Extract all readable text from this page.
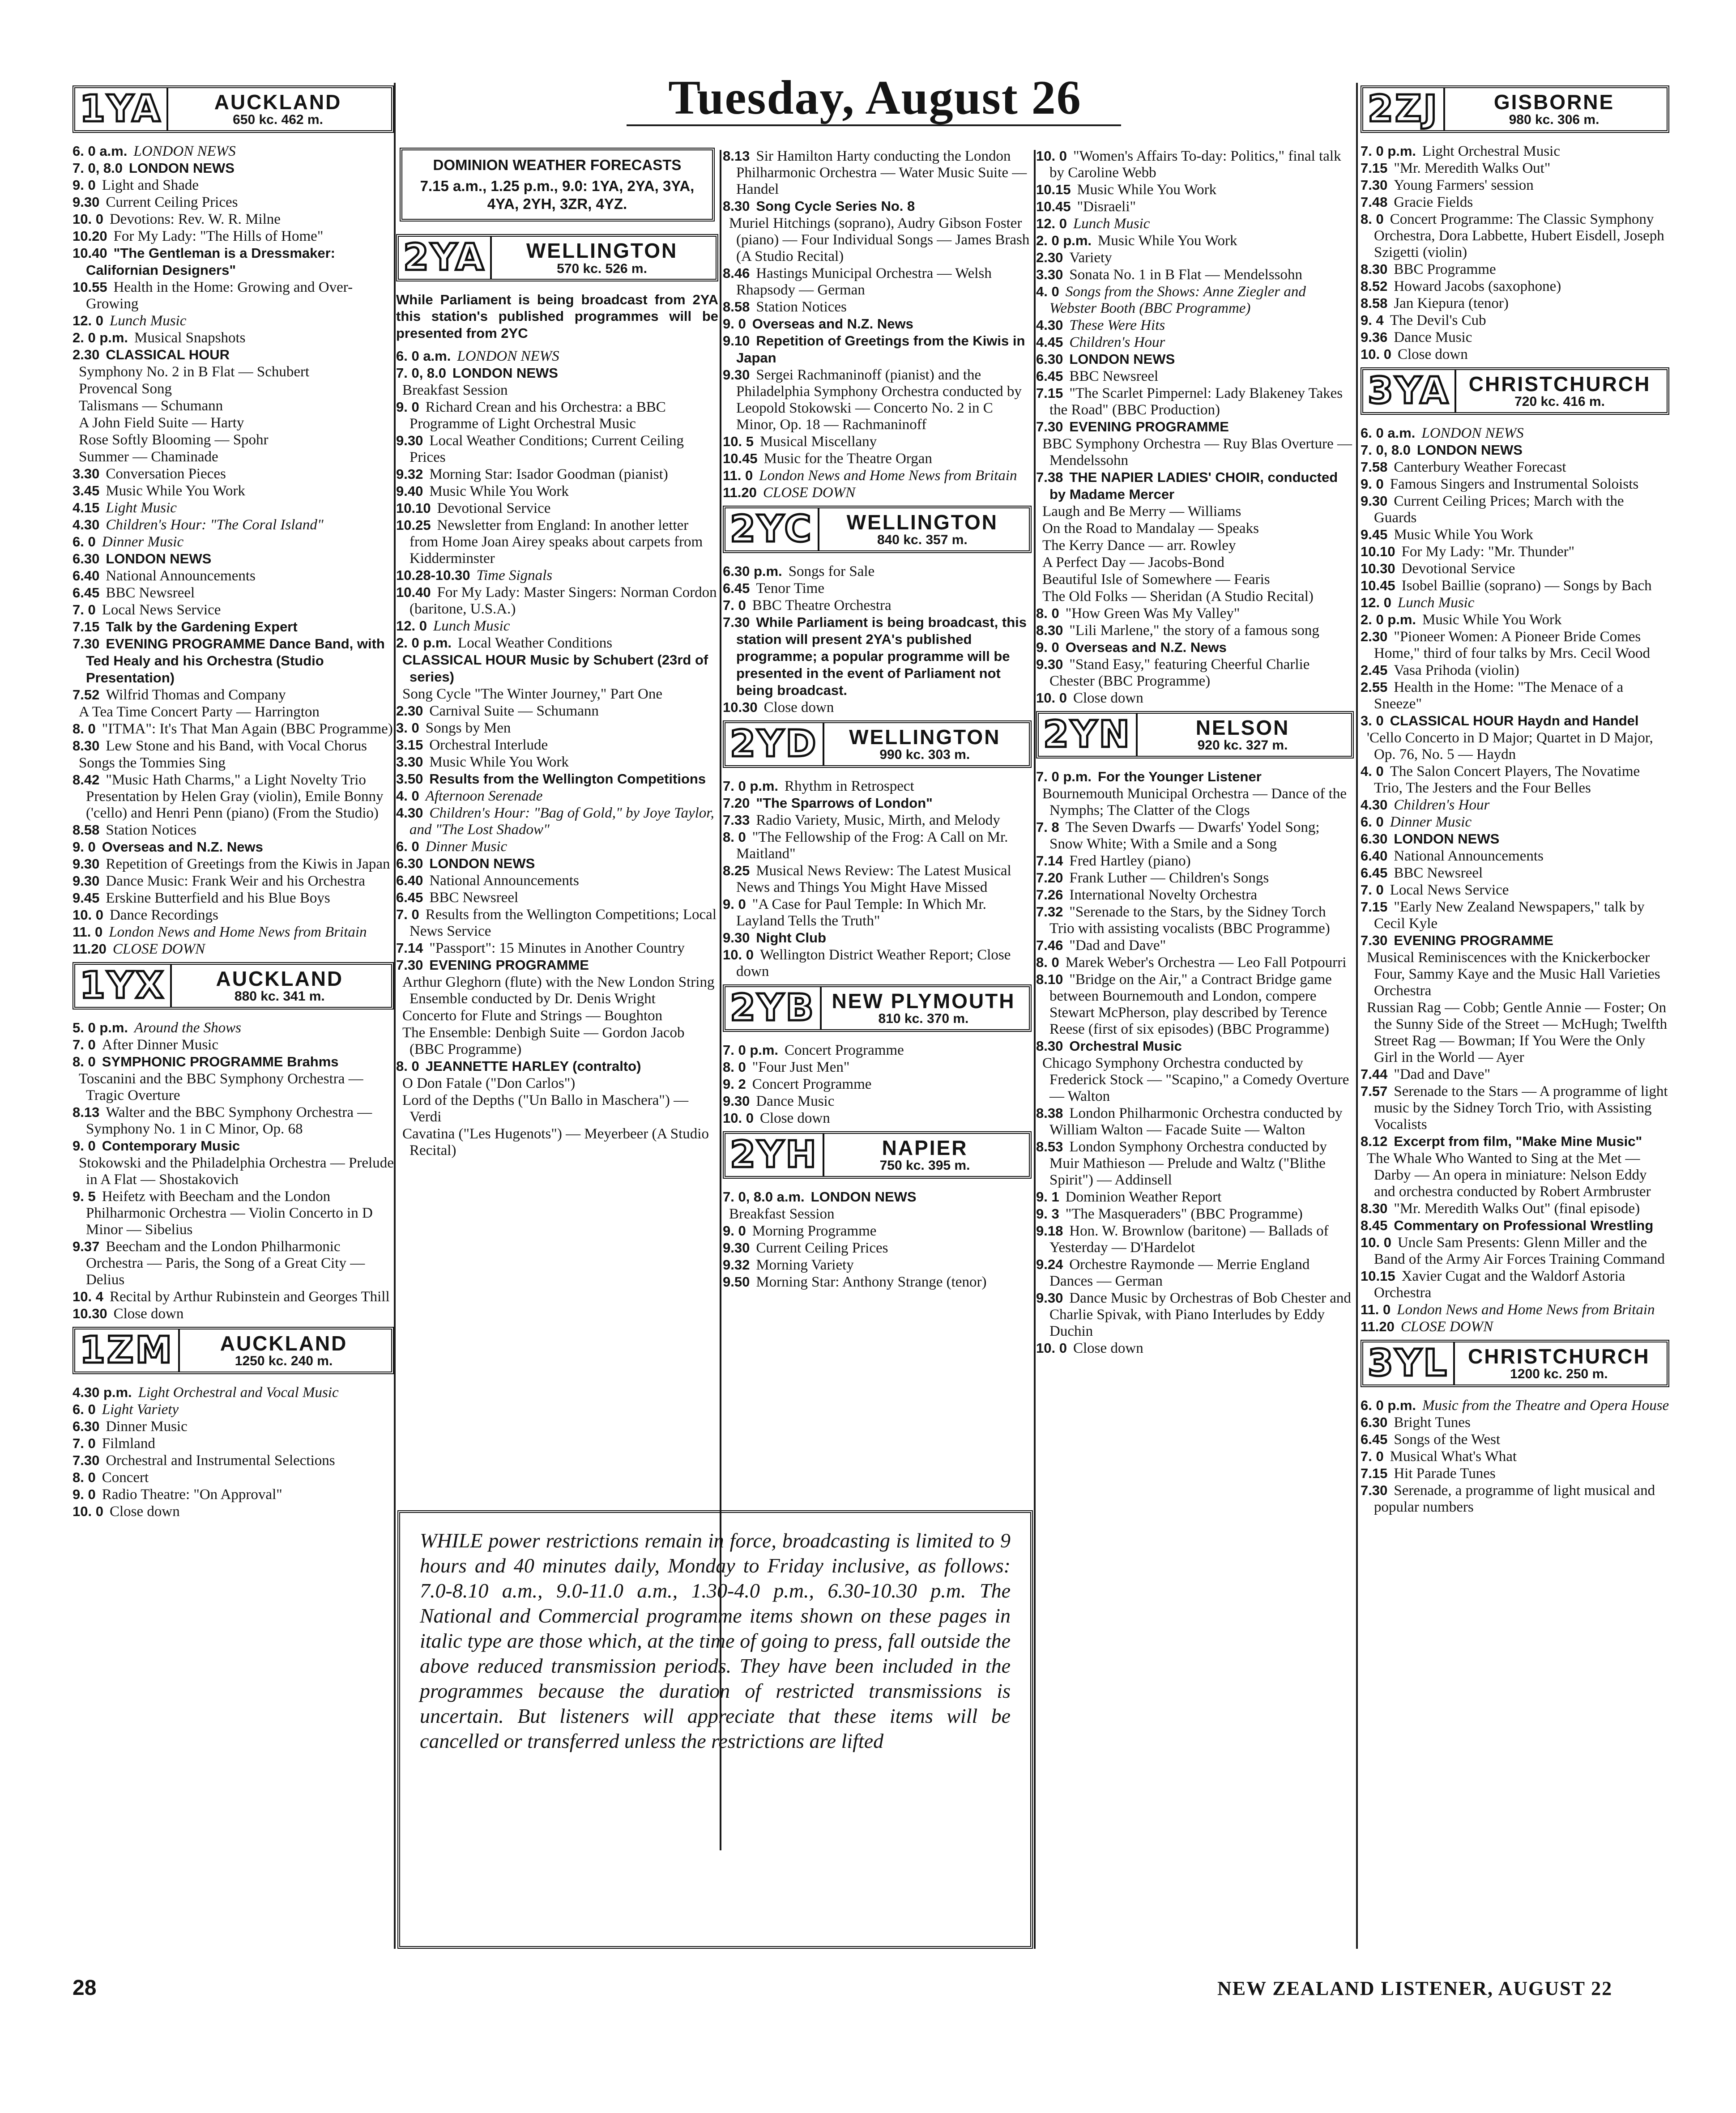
Tuesday, August 26
1YA	AUCKLAND
650 kc. 462 m.
6. 0 a.m. LONDON NEWS
7. 0, 8.0 LONDON NEWS
9. 0 Light and Shade
9.30 Current Ceiling Prices
10. 0 Devotions: Rev. W. R. Milne
10.20 For My Lady: "The Hills of Home"
10.40 "The Gentleman is a Dressmaker: Californian Designers"
10.55 Health in the Home: Growing and Over-Growing
12. 0 Lunch Music
2. 0 p.m. Musical Snapshots
2.30 CLASSICAL HOUR
Symphony No. 2 in B Flat — Schubert
Provencal Song
Talismans — Schumann
A John Field Suite — Harty
Rose Softly Blooming — Spohr
Summer — Chaminade
3.30 Conversation Pieces
3.45 Music While You Work
4.15 Light Music
4.30 Children's Hour: "The Coral Island"
6. 0 Dinner Music
6.30 LONDON NEWS
6.40 National Announcements
6.45 BBC Newsreel
7. 0 Local News Service
7.15 Talk by the Gardening Expert
7.30 EVENING PROGRAMME Dance Band, with Ted Healy and his Orchestra (Studio Presentation)
7.52 Wilfrid Thomas and Company
A Tea Time Concert Party — Harrington
8. 0 "ITMA": It's That Man Again (BBC Programme)
8.30 Lew Stone and his Band, with Vocal Chorus
Songs the Tommies Sing
8.42 "Music Hath Charms," a Light Novelty Trio Presentation by Helen Gray (violin), Emile Bonny ('cello) and Henri Penn (piano) (From the Studio)
8.58 Station Notices
9. 0 Overseas and N.Z. News
9.30 Repetition of Greetings from the Kiwis in Japan
9.30 Dance Music: Frank Weir and his Orchestra
9.45 Erskine Butterfield and his Blue Boys
10. 0 Dance Recordings
11. 0 London News and Home News from Britain
11.20 CLOSE DOWN
1YX	AUCKLAND
880 kc. 341 m.
5. 0 p.m. Around the Shows
7. 0 After Dinner Music
8. 0 SYMPHONIC PROGRAMME Brahms
Toscanini and the BBC Symphony Orchestra — Tragic Overture
8.13 Walter and the BBC Symphony Orchestra — Symphony No. 1 in C Minor, Op. 68
9. 0 Contemporary Music
Stokowski and the Philadelphia Orchestra — Prelude in A Flat — Shostakovich
9. 5 Heifetz with Beecham and the London Philharmonic Orchestra — Violin Concerto in D Minor — Sibelius
9.37 Beecham and the London Philharmonic Orchestra — Paris, the Song of a Great City — Delius
10. 4 Recital by Arthur Rubinstein and Georges Thill
10.30 Close down
1ZM	AUCKLAND
1250 kc. 240 m.
4.30 p.m. Light Orchestral and Vocal Music
6. 0 Light Variety
6.30 Dinner Music
7. 0 Filmland
7.30 Orchestral and Instrumental Selections
8. 0 Concert
9. 0 Radio Theatre: "On Approval"
10. 0 Close down
DOMINION WEATHER FORECASTS
7.15 a.m., 1.25 p.m., 9.0: 1YA, 2YA, 3YA, 4YA, 2YH, 3ZR, 4YZ.
2YA	WELLINGTON
570 kc. 526 m.
While Parliament is being broadcast from 2YA this station's published programmes will be presented from 2YC
6. 0 a.m. LONDON NEWS
7. 0, 8.0 LONDON NEWS
Breakfast Session
9. 0 Richard Crean and his Orchestra: a BBC Programme of Light Orchestral Music
9.30 Local Weather Conditions; Current Ceiling Prices
9.32 Morning Star: Isador Goodman (pianist)
9.40 Music While You Work
10.10 Devotional Service
10.25 Newsletter from England: In another letter from Home Joan Airey speaks about carpets from Kidderminster
10.28-10.30 Time Signals
10.40 For My Lady: Master Singers: Norman Cordon (baritone, U.S.A.)
12. 0 Lunch Music
2. 0 p.m. Local Weather Conditions
CLASSICAL HOUR Music by Schubert (23rd of series)
Song Cycle "The Winter Journey," Part One
2.30 Carnival Suite — Schumann
3. 0 Songs by Men
3.15 Orchestral Interlude
3.30 Music While You Work
3.50 Results from the Wellington Competitions
4. 0 Afternoon Serenade
4.30 Children's Hour: "Bag of Gold," by Joye Taylor, and "The Lost Shadow"
6. 0 Dinner Music
6.30 LONDON NEWS
6.40 National Announcements
6.45 BBC Newsreel
7. 0 Results from the Wellington Competitions; Local News Service
7.14 "Passport": 15 Minutes in Another Country
7.30 EVENING PROGRAMME
Arthur Gleghorn (flute) with the New London String Ensemble conducted by Dr. Denis Wright
Concerto for Flute and Strings — Boughton
The Ensemble: Denbigh Suite — Gordon Jacob (BBC Programme)
8. 0 JEANNETTE HARLEY (contralto)
O Don Fatale ("Don Carlos")
Lord of the Depths ("Un Ballo in Maschera") — Verdi
Cavatina ("Les Hugenots") — Meyerbeer (A Studio Recital)
8.13 Sir Hamilton Harty conducting the London Philharmonic Orchestra — Water Music Suite — Handel
8.30 Song Cycle Series No. 8
Muriel Hitchings (soprano), Audry Gibson Foster (piano) — Four Individual Songs — James Brash (A Studio Recital)
8.46 Hastings Municipal Orchestra — Welsh Rhapsody — German
8.58 Station Notices
9. 0 Overseas and N.Z. News
9.10 Repetition of Greetings from the Kiwis in Japan
9.30 Sergei Rachmaninoff (pianist) and the Philadelphia Symphony Orchestra conducted by Leopold Stokowski — Concerto No. 2 in C Minor, Op. 18 — Rachmaninoff
10. 5 Musical Miscellany
10.45 Music for the Theatre Organ
11. 0 London News and Home News from Britain
11.20 CLOSE DOWN
2YC	WELLINGTON
840 kc. 357 m.
6.30 p.m. Songs for Sale
6.45 Tenor Time
7. 0 BBC Theatre Orchestra
7.30 While Parliament is being broadcast, this station will present 2YA's published programme; a popular programme will be presented in the event of Parliament not being broadcast.
10.30 Close down
2YD	WELLINGTON
990 kc. 303 m.
7. 0 p.m. Rhythm in Retrospect
7.20 "The Sparrows of London"
7.33 Radio Variety, Music, Mirth, and Melody
8. 0 "The Fellowship of the Frog: A Call on Mr. Maitland"
8.25 Musical News Review: The Latest Musical News and Things You Might Have Missed
9. 0 "A Case for Paul Temple: In Which Mr. Layland Tells the Truth"
9.30 Night Club
10. 0 Wellington District Weather Report; Close down
2YB NEW PLYMOUTH
810 kc. 370 m.
7. 0 p.m. Concert Programme
8. 0 "Four Just Men"
9. 2 Concert Programme
9.30 Dance Music
10. 0 Close down
2YH	NAPIER
750 kc. 395 m.
7. 0, 8.0 a.m. LONDON NEWS
Breakfast Session
9. 0 Morning Programme
9.30 Current Ceiling Prices
9.32 Morning Variety
9.50 Morning Star: Anthony Strange (tenor)
10. 0 "Women's Affairs To-day: Politics," final talk by Caroline Webb
10.15 Music While You Work
10.45 "Disraeli"
12. 0 Lunch Music
2. 0 p.m. Music While You Work
2.30 Variety
3.30 Sonata No. 1 in B Flat — Mendelssohn
4. 0 Songs from the Shows: Anne Ziegler and Webster Booth (BBC Programme)
4.30 These Were Hits
4.45 Children's Hour
6.30 LONDON NEWS
6.45 BBC Newsreel
7.15 "The Scarlet Pimpernel: Lady Blakeney Takes the Road" (BBC Production)
7.30 EVENING PROGRAMME
BBC Symphony Orchestra — Ruy Blas Overture — Mendelssohn
7.38 THE NAPIER LADIES' CHOIR, conducted by Madame Mercer
Laugh and Be Merry — Williams
On the Road to Mandalay — Speaks
The Kerry Dance — arr. Rowley
A Perfect Day — Jacobs-Bond
Beautiful Isle of Somewhere — Fearis
The Old Folks — Sheridan (A Studio Recital)
8. 0 "How Green Was My Valley"
8.30 "Lili Marlene," the story of a famous song
9. 0 Overseas and N.Z. News
9.30 "Stand Easy," featuring Cheerful Charlie Chester (BBC Programme)
10. 0 Close down
2YN	NELSON
920 kc. 327 m.
7. 0 p.m. For the Younger Listener
Bournemouth Municipal Orchestra — Dance of the Nymphs; The Clatter of the Clogs
7. 8 The Seven Dwarfs — Dwarfs' Yodel Song; Snow White; With a Smile and a Song
7.14 Fred Hartley (piano)
7.20 Frank Luther — Children's Songs
7.26 International Novelty Orchestra
7.32 "Serenade to the Stars, by the Sidney Torch Trio with assisting vocalists (BBC Programme)
7.46 "Dad and Dave"
8. 0 Marek Weber's Orchestra — Leo Fall Potpourri
8.10 "Bridge on the Air," a Contract Bridge game between Bournemouth and London, compere Stewart McPherson, play described by Terence Reese (first of six episodes) (BBC Programme)
8.30 Orchestral Music
Chicago Symphony Orchestra conducted by Frederick Stock — "Scapino," a Comedy Overture — Walton
8.38 London Philharmonic Orchestra conducted by William Walton — Facade Suite — Walton
8.53 London Symphony Orchestra conducted by Muir Mathieson — Prelude and Waltz ("Blithe Spirit") — Addinsell
9. 1 Dominion Weather Report
9. 3 "The Masqueraders" (BBC Programme)
9.18 Hon. W. Brownlow (baritone) — Ballads of Yesterday — D'Hardelot
9.24 Orchestre Raymonde — Merrie England Dances — German
9.30 Dance Music by Orchestras of Bob Chester and Charlie Spivak, with Piano Interludes by Eddy Duchin
10. 0 Close down
2ZJ	GISBORNE
980 kc. 306 m.
7. 0 p.m. Light Orchestral Music
7.15 "Mr. Meredith Walks Out"
7.30 Young Farmers' session
7.48 Gracie Fields
8. 0 Concert Programme: The Classic Symphony Orchestra, Dora Labbette, Hubert Eisdell, Joseph Szigetti (violin)
8.30 BBC Programme
8.52 Howard Jacobs (saxophone)
8.58 Jan Kiepura (tenor)
9. 4 The Devil's Cub
9.36 Dance Music
10. 0 Close down
3YA CHRISTCHURCH
720 kc. 416 m.
6. 0 a.m. LONDON NEWS
7. 0, 8.0 LONDON NEWS
7.58 Canterbury Weather Forecast
9. 0 Famous Singers and Instrumental Soloists
9.30 Current Ceiling Prices; March with the Guards
9.45 Music While You Work
10.10 For My Lady: "Mr. Thunder"
10.30 Devotional Service
10.45 Isobel Baillie (soprano) — Songs by Bach
12. 0 Lunch Music
2. 0 p.m. Music While You Work
2.30 "Pioneer Women: A Pioneer Bride Comes Home," third of four talks by Mrs. Cecil Wood
2.45 Vasa Prihoda (violin)
2.55 Health in the Home: "The Menace of a Sneeze"
3. 0 CLASSICAL HOUR Haydn and Handel
'Cello Concerto in D Major; Quartet in D Major, Op. 76, No. 5 — Haydn
4. 0 The Salon Concert Players, The Novatime Trio, The Jesters and the Four Belles
4.30 Children's Hour
6. 0 Dinner Music
6.30 LONDON NEWS
6.40 National Announcements
6.45 BBC Newsreel
7. 0 Local News Service
7.15 "Early New Zealand Newspapers," talk by Cecil Kyle
7.30 EVENING PROGRAMME
Musical Reminiscences with the Knickerbocker Four, Sammy Kaye and the Music Hall Varieties Orchestra
Russian Rag — Cobb; Gentle Annie — Foster; On the Sunny Side of the Street — McHugh; Twelfth Street Rag — Bowman; If You Were the Only Girl in the World — Ayer
7.44 "Dad and Dave"
7.57 Serenade to the Stars — A programme of light music by the Sidney Torch Trio, with Assisting Vocalists
8.12 Excerpt from film, "Make Mine Music"
The Whale Who Wanted to Sing at the Met — Darby — An opera in miniature: Nelson Eddy and orchestra conducted by Robert Armbruster
8.30 "Mr. Meredith Walks Out" (final episode)
8.45 Commentary on Professional Wrestling
10. 0 Uncle Sam Presents: Glenn Miller and the Band of the Army Air Forces Training Command
10.15 Xavier Cugat and the Waldorf Astoria Orchestra
11. 0 London News and Home News from Britain
11.20 CLOSE DOWN
3YL CHRISTCHURCH
1200 kc. 250 m.
6. 0 p.m. Music from the Theatre and Opera House
6.30 Bright Tunes
6.45 Songs of the West
7. 0 Musical What's What
7.15 Hit Parade Tunes
7.30 Serenade, a programme of light musical and popular numbers
WHILE power restrictions remain in force, broadcasting is limited to 9 hours and 40 minutes daily, Monday to Friday inclusive, as follows: 7.0-8.10 a.m., 9.0-11.0 a.m., 1.30-4.0 p.m., 6.30-10.30 p.m. The National and Commercial programme items shown on these pages in italic type are those which, at the time of going to press, fall outside the above reduced transmission periods. They have been included in the programmes because the duration of restricted transmissions is uncertain. But listeners will appreciate that these items will be cancelled or transferred unless the restrictions are lifted
28	NEW ZEALAND LISTENER, AUGUST 22
